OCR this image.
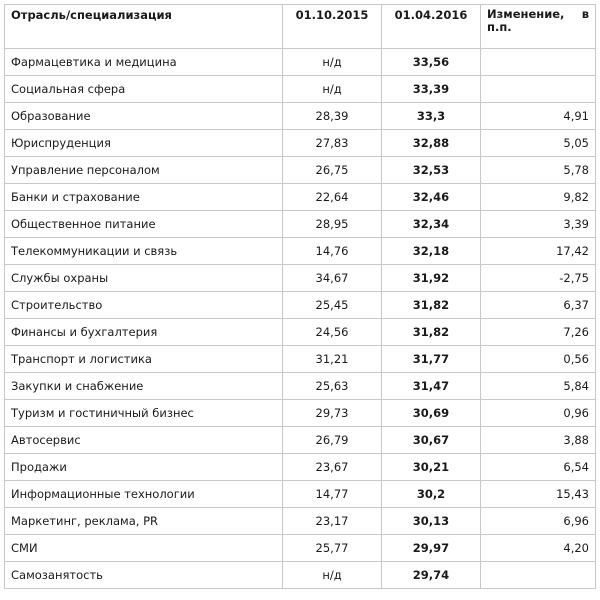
Отрасль/специализация	01.10.2015	01.04.2016	Изменение, в
п.п.

Фармацевтика и медицина	н/д	33,56	
Социальная сфера	н/д	33,39	
Образование	28,39	33,3	4,91
Юриспруденция	27,83	32,88	5,05
Управление персоналом	26,75	32,53	5,78
Банки и страхование	22,64	32,46	9,82
Общественное питание	28,95	32,34	3,39
Телекоммуникации и связь	14,76	32,18	17,42
Службы охраны	34,67	31,92	-2,75
Строительство	25,45	31,82	6,37
Финансы и бухгалтерия	24,56	31,82	7,26
Транспорт и логистика	31,21	31,77	0,56
Закупки и снабжение	25,63	31,47	5,84
Туризм и гостиничный бизнес	29,73	30,69	0,96
Автосервис	26,79	30,67	3,88
Продажи	23,67	30,21	6,54
Информационные технологии	14,77	30,2	15,43
Маркетинг, реклама, PR	23,17	30,13	6,96
СМИ	25,77	29,97	4,20
Самозанятость	н/д	29,74	
